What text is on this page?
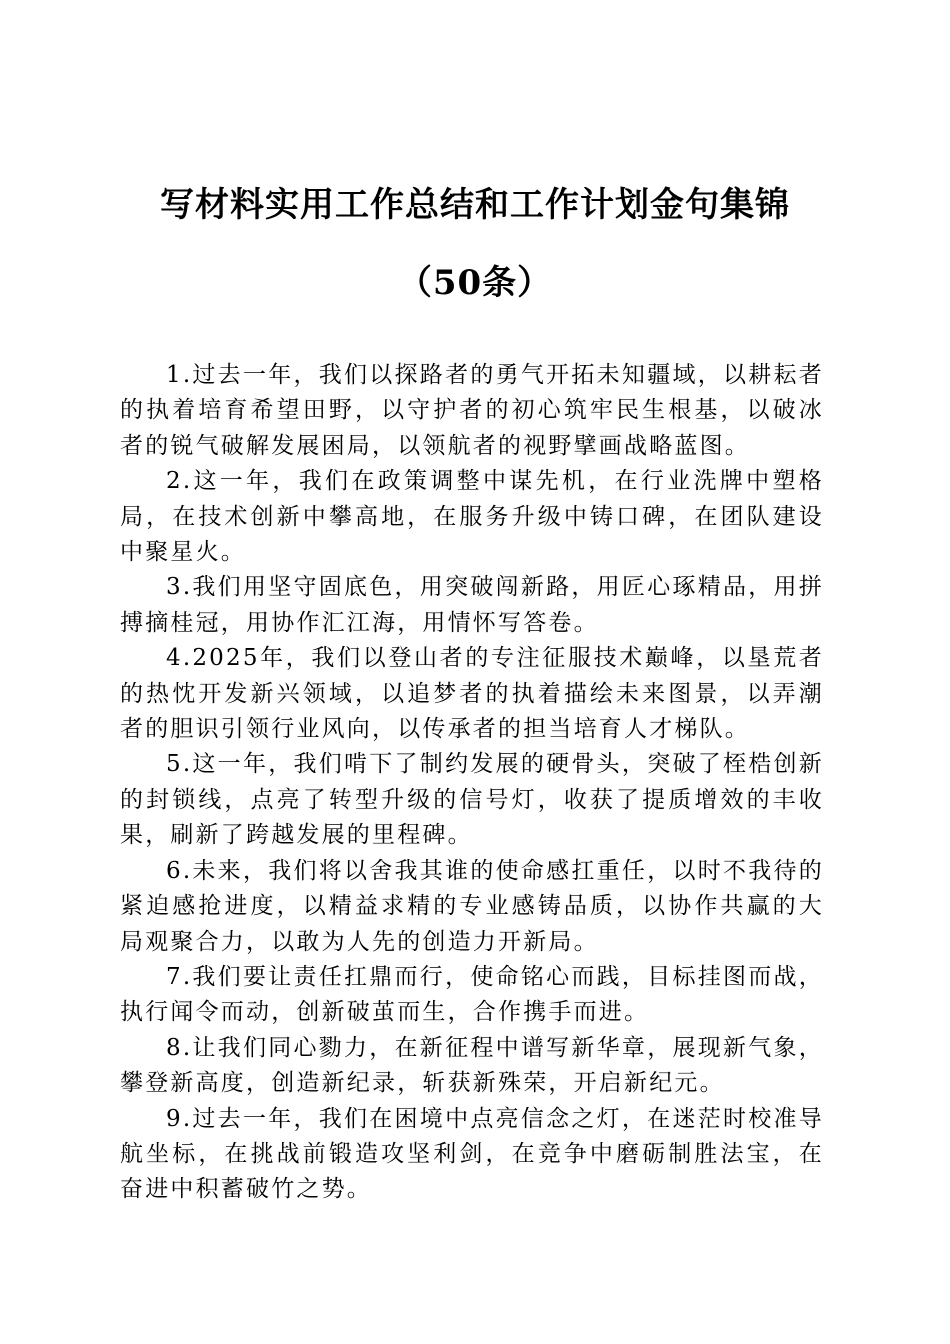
写材料实用工作总结和工作计划金句集锦（50条）

1.过去一年，我们以探路者的勇气开拓未知疆域，以耕耘者的执着培育希望田野，以守护者的初心筑牢民生根基，以破冰者的锐气破解发展困局，以领航者的视野擘画战略蓝图。

2.这一年，我们在政策调整中谋先机，在行业洗牌中塑格局，在技术创新中攀高地，在服务升级中铸口碑，在团队建设中聚星火。

3.我们用坚守固底色，用突破闯新路，用匠心琢精品，用拼搏摘桂冠，用协作汇江海，用情怀写答卷。

4.2025年，我们以登山者的专注征服技术巅峰，以垦荒者的热忱开发新兴领域，以追梦者的执着描绘未来图景，以弄潮者的胆识引领行业风向，以传承者的担当培育人才梯队。

5.这一年，我们啃下了制约发展的硬骨头，突破了桎梏创新的封锁线，点亮了转型升级的信号灯，收获了提质增效的丰收果，刷新了跨越发展的里程碑。

6.未来，我们将以舍我其谁的使命感扛重任，以时不我待的紧迫感抢进度，以精益求精的专业感铸品质，以协作共赢的大局观聚合力，以敢为人先的创造力开新局。

7.我们要让责任扛鼎而行，使命铭心而践，目标挂图而战，执行闻令而动，创新破茧而生，合作携手而进。

8.让我们同心勠力，在新征程中谱写新华章，展现新气象，攀登新高度，创造新纪录，斩获新殊荣，开启新纪元。

9.过去一年，我们在困境中点亮信念之灯，在迷茫时校准导航坐标，在挑战前锻造攻坚利剑，在竞争中磨砺制胜法宝，在奋进中积蓄破竹之势。
